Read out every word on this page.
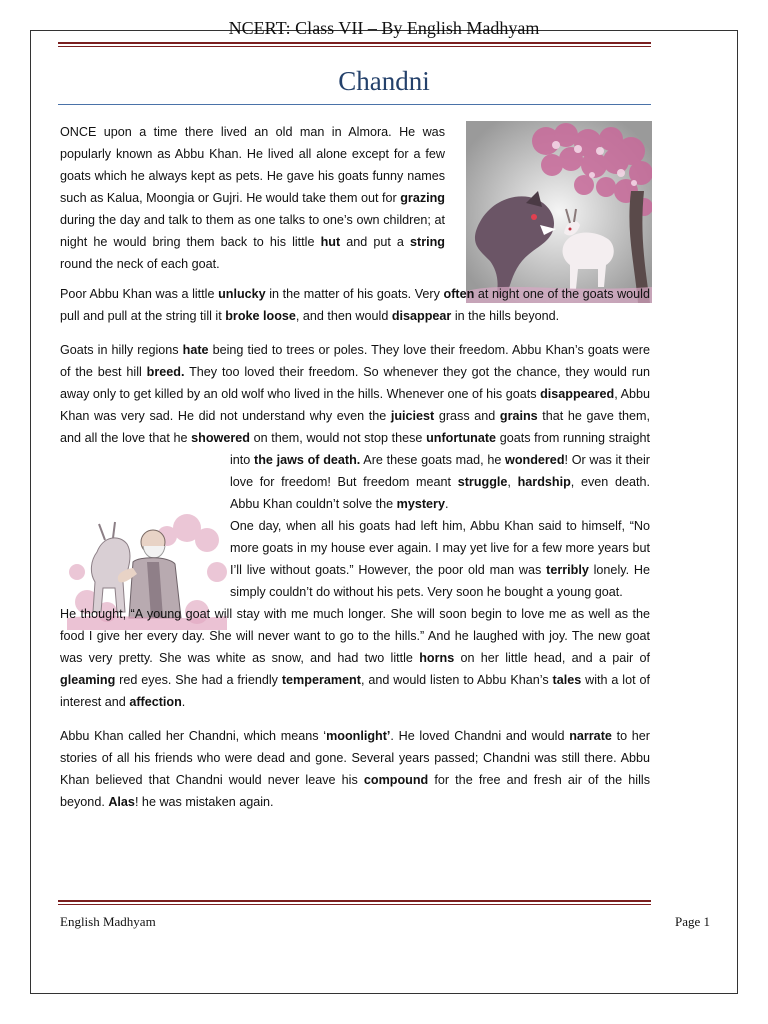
NCERT: Class VII – By English Madhyam
Chandni

ONCE upon a time there lived an old man in Almora. He was popularly known as Abbu Khan. He lived all alone except for a few goats which he always kept as pets. He gave his goats funny names such as Kalua, Moongia or Gujri. He would take them out for grazing during the day and talk to them as one talks to one’s own children; at night he would bring them back to his little hut and put a string round the neck of each goat.

Poor Abbu Khan was a little unlucky in the matter of his goats. Very often at night one of the goats would pull and pull at the string till it broke loose, and then would disappear in the hills beyond.

Goats in hilly regions hate being tied to trees or poles. They love their freedom. Abbu Khan’s goats were of the best hill breed. They too loved their freedom. So whenever they got the chance, they would run away only to get killed by an old wolf who lived in the hills. Whenever one of his goats disappeared, Abbu Khan was very sad. He did not understand why even the juiciest grass and grains that he gave them, and all the love that he showered on them, would not stop these unfortunate goats from running straight into the jaws of death. Are these goats
mad, he wondered! Or was it their love for freedom! But freedom meant struggle, hardship, even death. Abbu Khan couldn’t solve the mystery.

One day, when all his goats had left him, Abbu Khan said to himself, “No more goats in my house ever again. I may yet live for a few more years but I’ll live without goats.” However, the poor old man was terribly lonely. He simply couldn’t do without his pets. Very soon he bought a young goat.

He thought, “A young goat will stay with me much longer. She will soon begin to love me as well as the food I give her every day. She will never want to go to the hills.” And he laughed with joy. The new goat was very pretty. She was white as snow, and had two little horns on her little head, and a pair of gleaming red eyes. She had a friendly temperament, and would listen to Abbu Khan’s tales with a lot of interest and affection.

Abbu Khan called her Chandni, which means ‘moonlight’. He loved Chandni and would narrate to her stories of all his friends who were dead and gone. Several years passed; Chandni was still there. Abbu Khan believed that Chandni would never leave his compound for the free and fresh air of the hills beyond. Alas! he was mistaken again.

English Madhyam	Page 1
